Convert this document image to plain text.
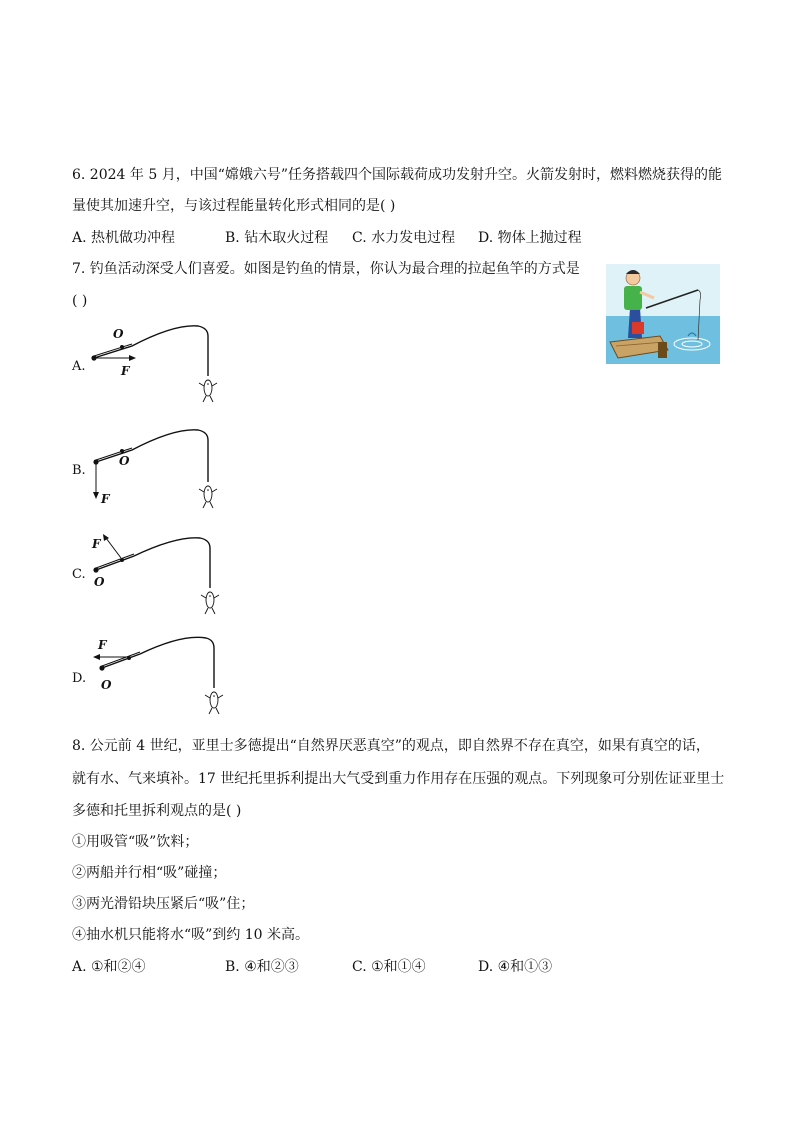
6. 2024 年 5 月，中国“嫦娥六号”任务搭载四个国际载荷成功发射升空。火箭发射时，燃料燃烧获得的能
量使其加速升空，与该过程能量转化形式相同的是( )
A. 热机做功冲程	B. 钻木取火过程 C. 水力发电过程 D. 物体上抛过程
7. 钓鱼活动深受人们喜爱。如图是钓鱼的情景，你认为最合理的拉起鱼竿的方式是
( )
A.
O
F
B.
O
F
C.
F
O
D.
F
O
8. 公元前 4 世纪，亚里士多德提出“自然界厌恶真空”的观点，即自然界不存在真空，如果有真空的话，
就有水、气来填补。17 世纪托里拆利提出大气受到重力作用存在压强的观点。下列现象可分别佐证亚里士
多德和托里拆利观点的是( )
①用吸管“吸”饮料；
②两船并行相“吸”碰撞；
③两光滑铅块压紧后“吸”住；
④抽水机只能将水“吸”到约 10 米高。
A. ①和②④	B. ④和②③	C. ①和①④	D. ④和①③
